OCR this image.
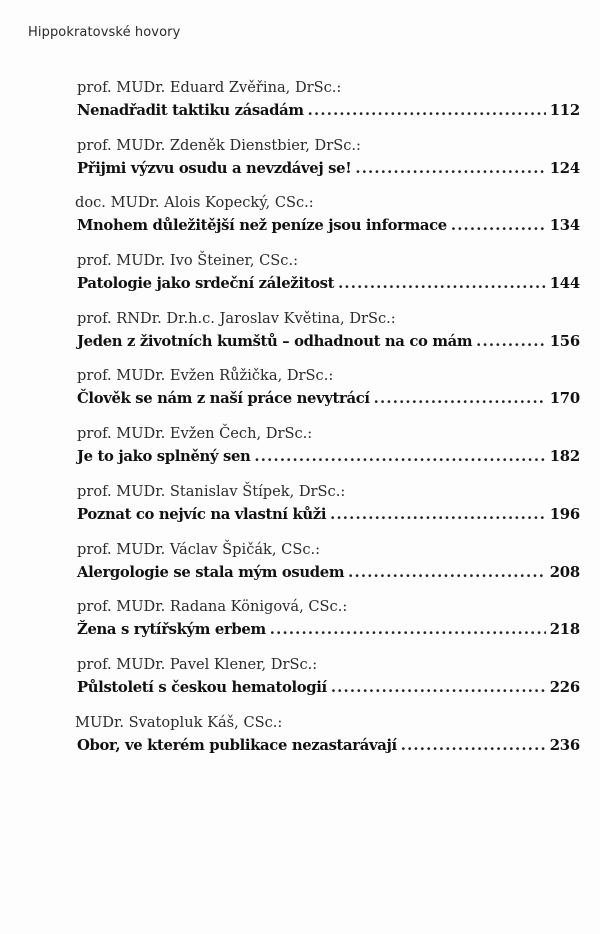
Hippokratovské hovory
prof. MUDr. Eduard Zvěřina, DrSc.:
Nenadřadit taktiku zásadám .....	112
prof. MUDr. Zdeněk Dienstbier, DrSc.:
Přijmi výzvu osudu a nevzdávej se! .....	124
doc. MUDr. Alois Kopecký, CSc.:
Mnohem důležitější než peníze jsou informace .....	134
prof. MUDr. Ivo Šteiner, CSc.:
Patologie jako srdeční záležitost .....	144
prof. RNDr. Dr.h.c. Jaroslav Květina, DrSc.:
Jeden z životních kumštů – odhadnout na co mám .....	156
prof. MUDr. Evžen Růžička, DrSc.:
Člověk se nám z naší práce nevytrácí .....	170
prof. MUDr. Evžen Čech, DrSc.:
Je to jako splněný sen .....	182
prof. MUDr. Stanislav Štípek, DrSc.:
Poznat co nejvíc na vlastní kůži .....	196
prof. MUDr. Václav Špičák, CSc.:
Alergologie se stala mým osudem .....	208
prof. MUDr. Radana Königová, CSc.:
Žena s rytířským erbem .....	218
prof. MUDr. Pavel Klener, DrSc.:
Půlstoletí s českou hematologií .....	226
MUDr. Svatopluk Káš, CSc.:
Obor, ve kterém publikace nezastarávají .....	236
